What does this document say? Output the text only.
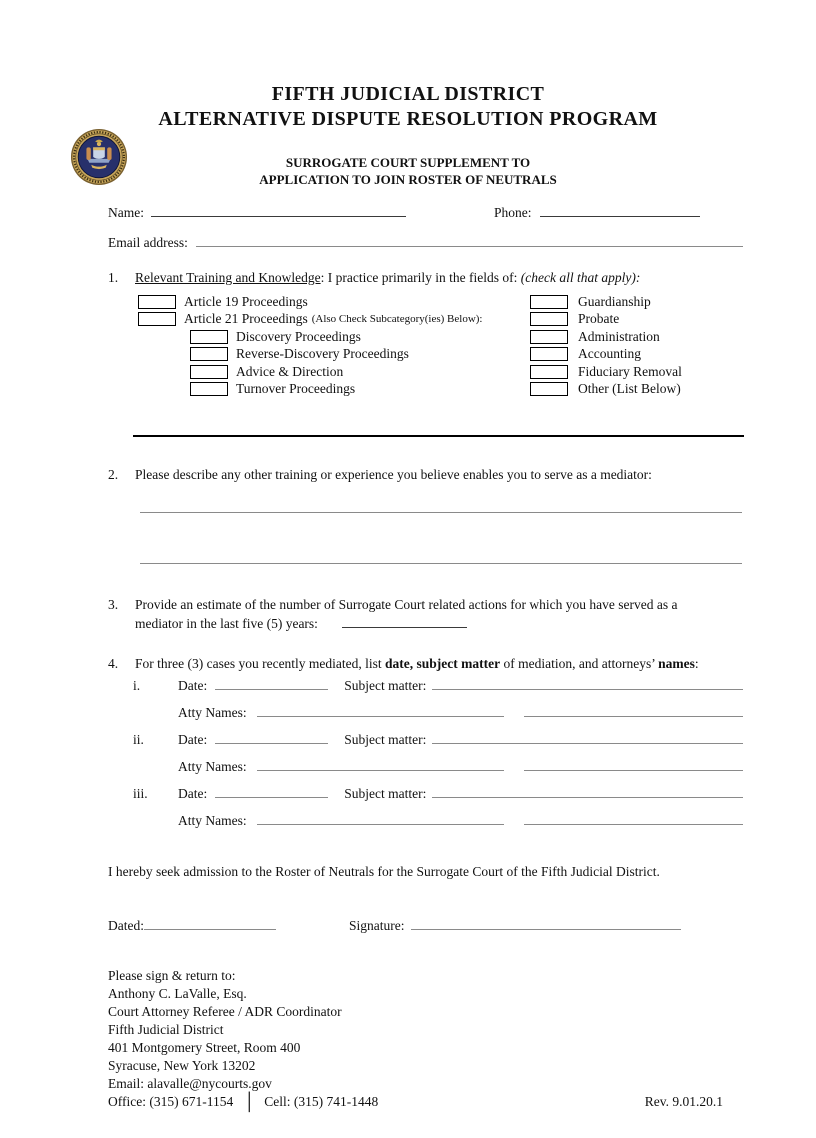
FIFTH JUDICIAL DISTRICT
ALTERNATIVE DISPUTE RESOLUTION PROGRAM
SURROGATE COURT SUPPLEMENT TO
APPLICATION TO JOIN ROSTER OF NEUTRALS
Name:	Phone:
Email address:
1.	Relevant Training and Knowledge: I practice primarily in the fields of: (check all that apply):
Article 19 Proceedings
Article 21 Proceedings (Also Check Subcategory(ies) Below):
Discovery Proceedings
Reverse-Discovery Proceedings
Advice & Direction
Turnover Proceedings
Guardianship
Probate
Administration
Accounting
Fiduciary Removal
Other (List Below)
2.	Please describe any other training or experience you believe enables you to serve as a mediator:

3.	Provide an estimate of the number of Surrogate Court related actions for which you have served as a
mediator in the last five (5) years:
4.	For three (3) cases you recently mediated, list date, subject matter of mediation, and attorneys’ names:
i.	Date:	Subject matter:
Atty Names:
ii.	Date:	Subject matter:
Atty Names:
iii.	Date:	Subject matter:
Atty Names:
I hereby seek admission to the Roster of Neutrals for the Surrogate Court of the Fifth Judicial District.
Dated:	Signature:
Please sign & return to:
Anthony C. LaValle, Esq.
Court Attorney Referee / ADR Coordinator
Fifth Judicial District
401 Montgomery Street, Room 400
Syracuse, New York 13202
Email: alavalle@nycourts.gov
Office: (315) 671-1154 │ Cell: (315) 741-1448	Rev. 9.01.20.1
